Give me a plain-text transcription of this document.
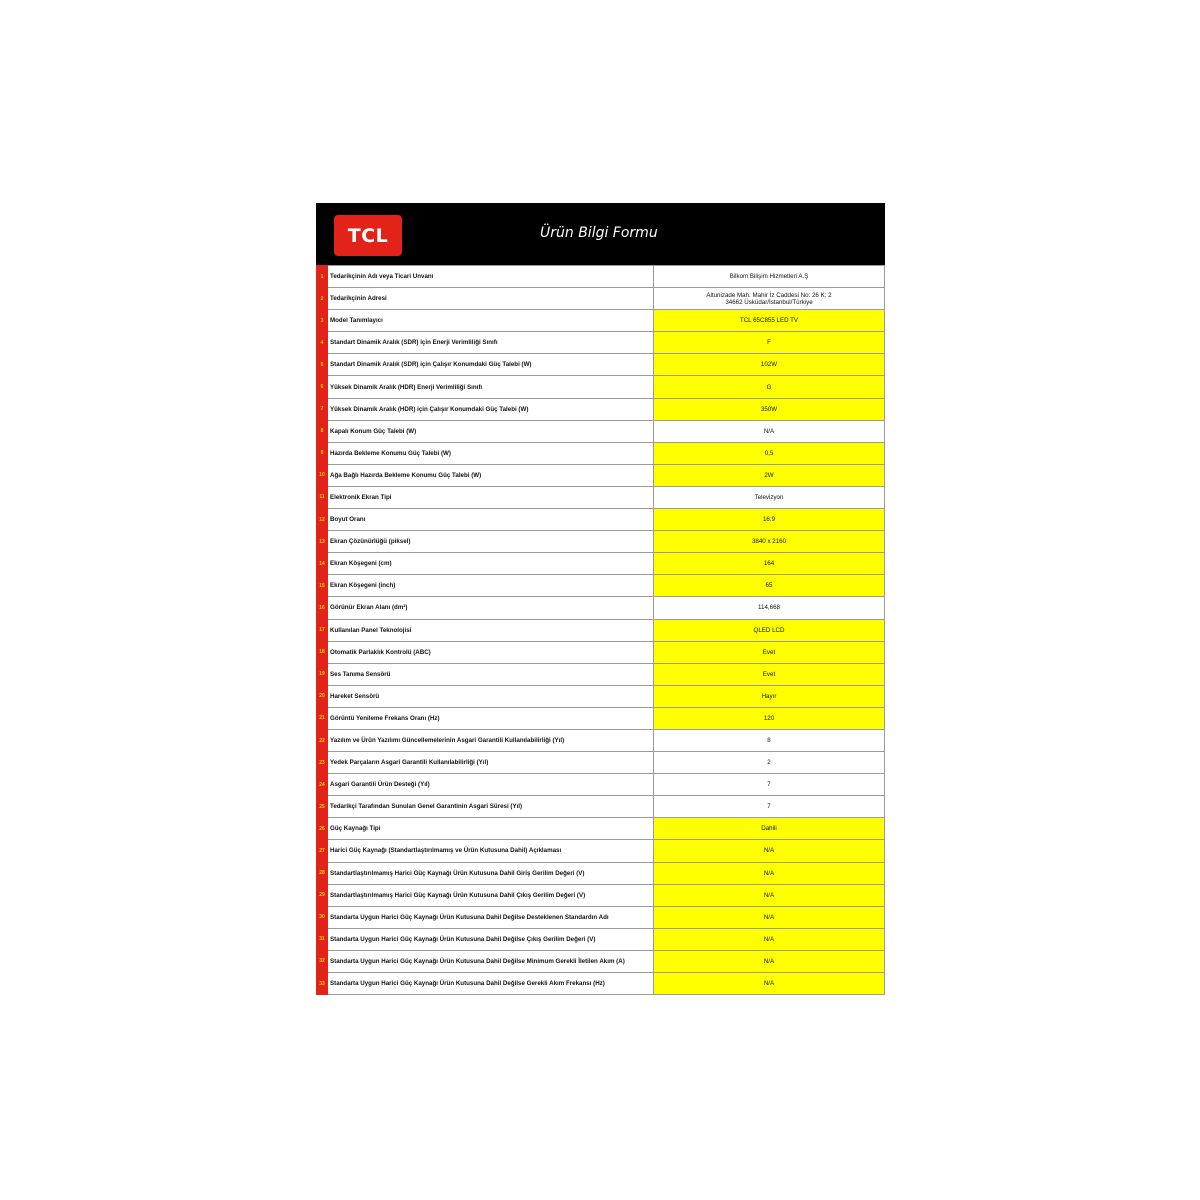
TCL	Ürün Bilgi Formu
1	Tedarikçinin Adı veya Ticari Unvanı	Bilkom Bilişim Hizmetleri A.Ş
2	Tedarikçinin Adresi	Altunizade Mah. Mahir İz Caddesi No: 26 K: 2
34662 Üsküdar/İstanbul/Türkiye

3	Model Tanımlayıcı	TCL 65C855 LED TV
4	Standart Dinamik Aralık (SDR) için Enerji Verimliliği Sınıfı	F
5	Standart Dinamik Aralık (SDR) için Çalışır Konumdaki Güç Talebi (W)	102W
6	Yüksek Dinamik Aralık (HDR) Enerji Verimliliği Sınıfı	G
7	Yüksek Dinamik Aralık (HDR) için Çalışır Konumdaki Güç Talebi (W)	350W
8	Kapalı Konum Güç Talebi (W)	N/A
9	Hazırda Bekleme Konumu Güç Talebi (W)	0,5
10	Ağa Bağlı Hazırda Bekleme Konumu Güç Talebi (W)	2W
11	Elektronik Ekran Tipi	Televizyon
12	Boyut Oranı	16:9
13	Ekran Çözünürlüğü (piksel)	3840 x 2160
14	Ekran Köşegeni (cm)	164
15	Ekran Köşegeni (inch)	65
16	Görünür Ekran Alanı (dm²)	114,668
17	Kullanılan Panel Teknolojisi	QLED LCD
18	Otomatik Parlaklık Kontrolü (ABC)	Evet
19	Ses Tanıma Sensörü	Evet
20	Hareket Sensörü	Hayır
21	Görüntü Yenileme Frekans Oranı (Hz)	120
22	Yazılım ve Ürün Yazılımı Güncellemelerinin Asgari Garantili Kullanılabilirliği (Yıl)	8
23	Yedek Parçaların Asgari Garantili Kullanılabilirliği (Yıl)	2
24	Asgari Garantili Ürün Desteği (Yıl)	7
25	Tedarikçi Tarafından Sunulan Genel Garantinin Asgari Süresi (Yıl)	7
26	Güç Kaynağı Tipi	Dahili
27	Harici Güç Kaynağı (Standartlaştırılmamış ve Ürün Kutusuna Dahil) Açıklaması	N/A
28	Standartlaştırılmamış Harici Güç Kaynağı Ürün Kutusuna Dahil Giriş Gerilim Değeri (V)	N/A
29	Standartlaştırılmamış Harici Güç Kaynağı Ürün Kutusuna Dahil Çıkış Gerilim Değeri (V)	N/A
30	Standarta Uygun Harici Güç Kaynağı Ürün Kutusuna Dahil Değilse Desteklenen Standardın Adı	N/A
31	Standarta Uygun Harici Güç Kaynağı Ürün Kutusuna Dahil Değilse Çıkış Gerilim Değeri (V)	N/A
32	Standarta Uygun Harici Güç Kaynağı Ürün Kutusuna Dahil Değilse Minimum Gerekli İletilen Akım (A)	N/A
33	Standarta Uygun Harici Güç Kaynağı Ürün Kutusuna Dahil Değilse Gerekli Akım Frekansı (Hz)	N/A
